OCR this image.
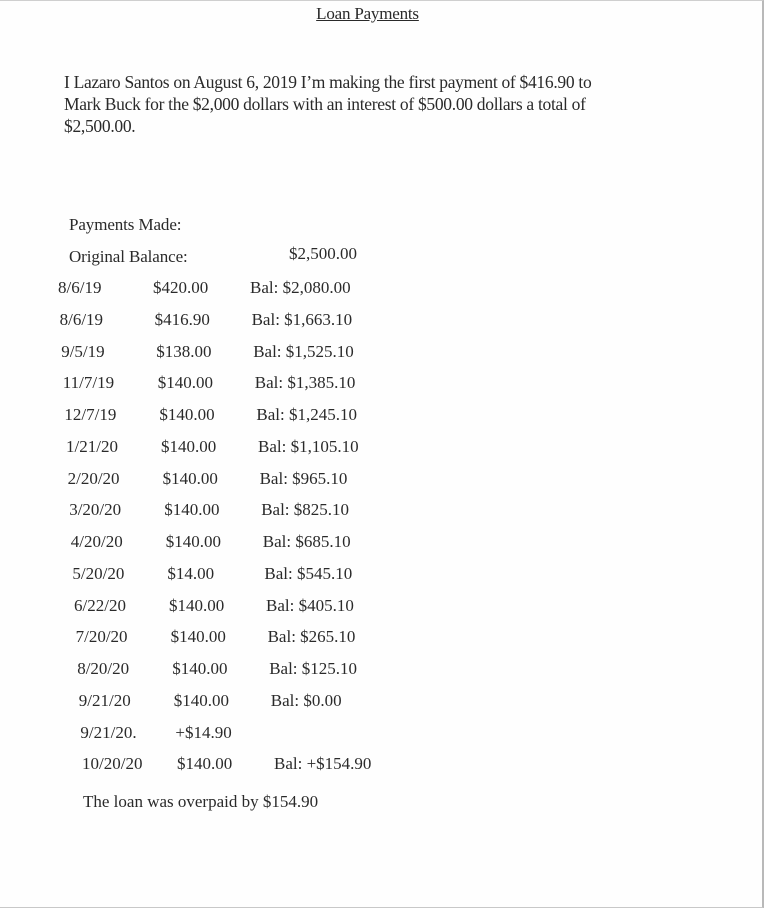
Loan Payments

I Lazaro Santos on August 6, 2019 I’m making the first payment of $416.90 to

Mark Buck for the $2,000 dollars with an interest of $500.00 dollars a total of

$2,500.00.

Payments Made:
Original Balance:	$2,500.00
8/6/19	$420.00 Bal: $2,080.00
8/6/19	$416.90 Bal: $1,663.10
9/5/19	$138.00 Bal: $1,525.10
11/7/19	$140.00 Bal: $1,385.10
12/7/19	$140.00 Bal: $1,245.10
1/21/20	$140.00 Bal: $1,105.10
2/20/20	$140.00 Bal: $965.10
3/20/20	$140.00 Bal: $825.10
4/20/20	$140.00 Bal: $685.10
5/20/20	$14.00	Bal: $545.10
6/22/20	$140.00 Bal: $405.10
7/20/20	$140.00 Bal: $265.10
8/20/20	$140.00 Bal: $125.10
9/21/20	$140.00 Bal: $0.00
9/21/20. +$14.90
10/20/20 $140.00 Bal: +$154.90
The loan was overpaid by $154.90
